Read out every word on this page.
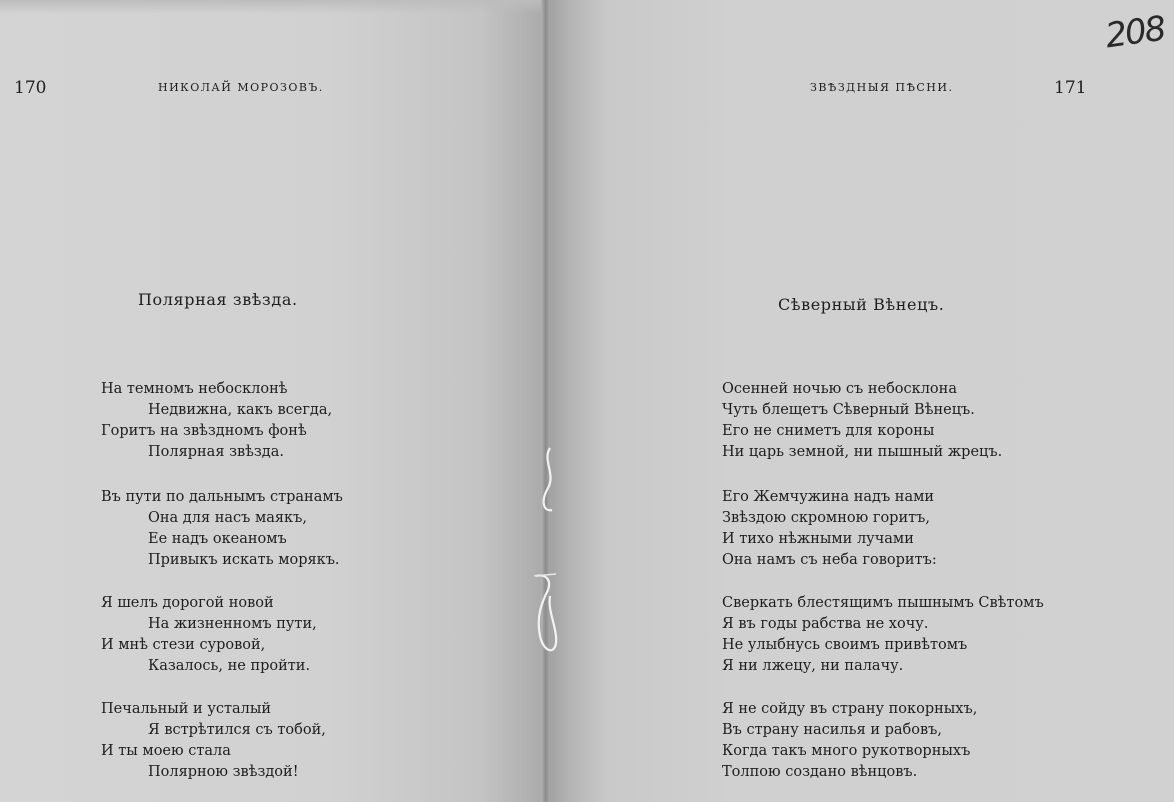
170	НИКОЛАЙ МОРОЗОВЪ.
Полярная звѣзда.
На темномъ небосклонѣ
Недвижна, какъ всегда,
Горитъ на звѣздномъ фонѣ
Полярная звѣзда.
Въ пути по дальнымъ странамъ
Она для насъ маякъ,
Ее надъ океаномъ
Привыкъ искать морякъ.
Я шелъ дорогой новой
На жизненномъ пути,
И мнѣ стези суровой,
Казалось, не пройти.
Печальный и усталый
Я встрѣтился съ тобой,
И ты моею стала
Полярною звѣздой!
ЗВѢЗДНЫЯ ПѢСНИ.	171
Сѣверный Вѣнецъ.
Осенней ночью съ небосклона
Чуть блещетъ Сѣверный Вѣнецъ.
Его не сниметъ для короны
Ни царь земной, ни пышный жрецъ.
Его Жемчужина надъ нами
Звѣздою скромною горитъ,
И тихо нѣжными лучами
Она намъ съ неба говоритъ:
Сверкать блестящимъ пышнымъ Свѣтомъ
Я въ годы рабства не хочу.
Не улыбнусь своимъ привѣтомъ
Я ни лжецу, ни палачу.
Я не сойду въ страну покорныхъ,
Въ страну насилья и рабовъ,
Когда такъ много рукотворныхъ
Толпою создано вѣнцовъ.
208
